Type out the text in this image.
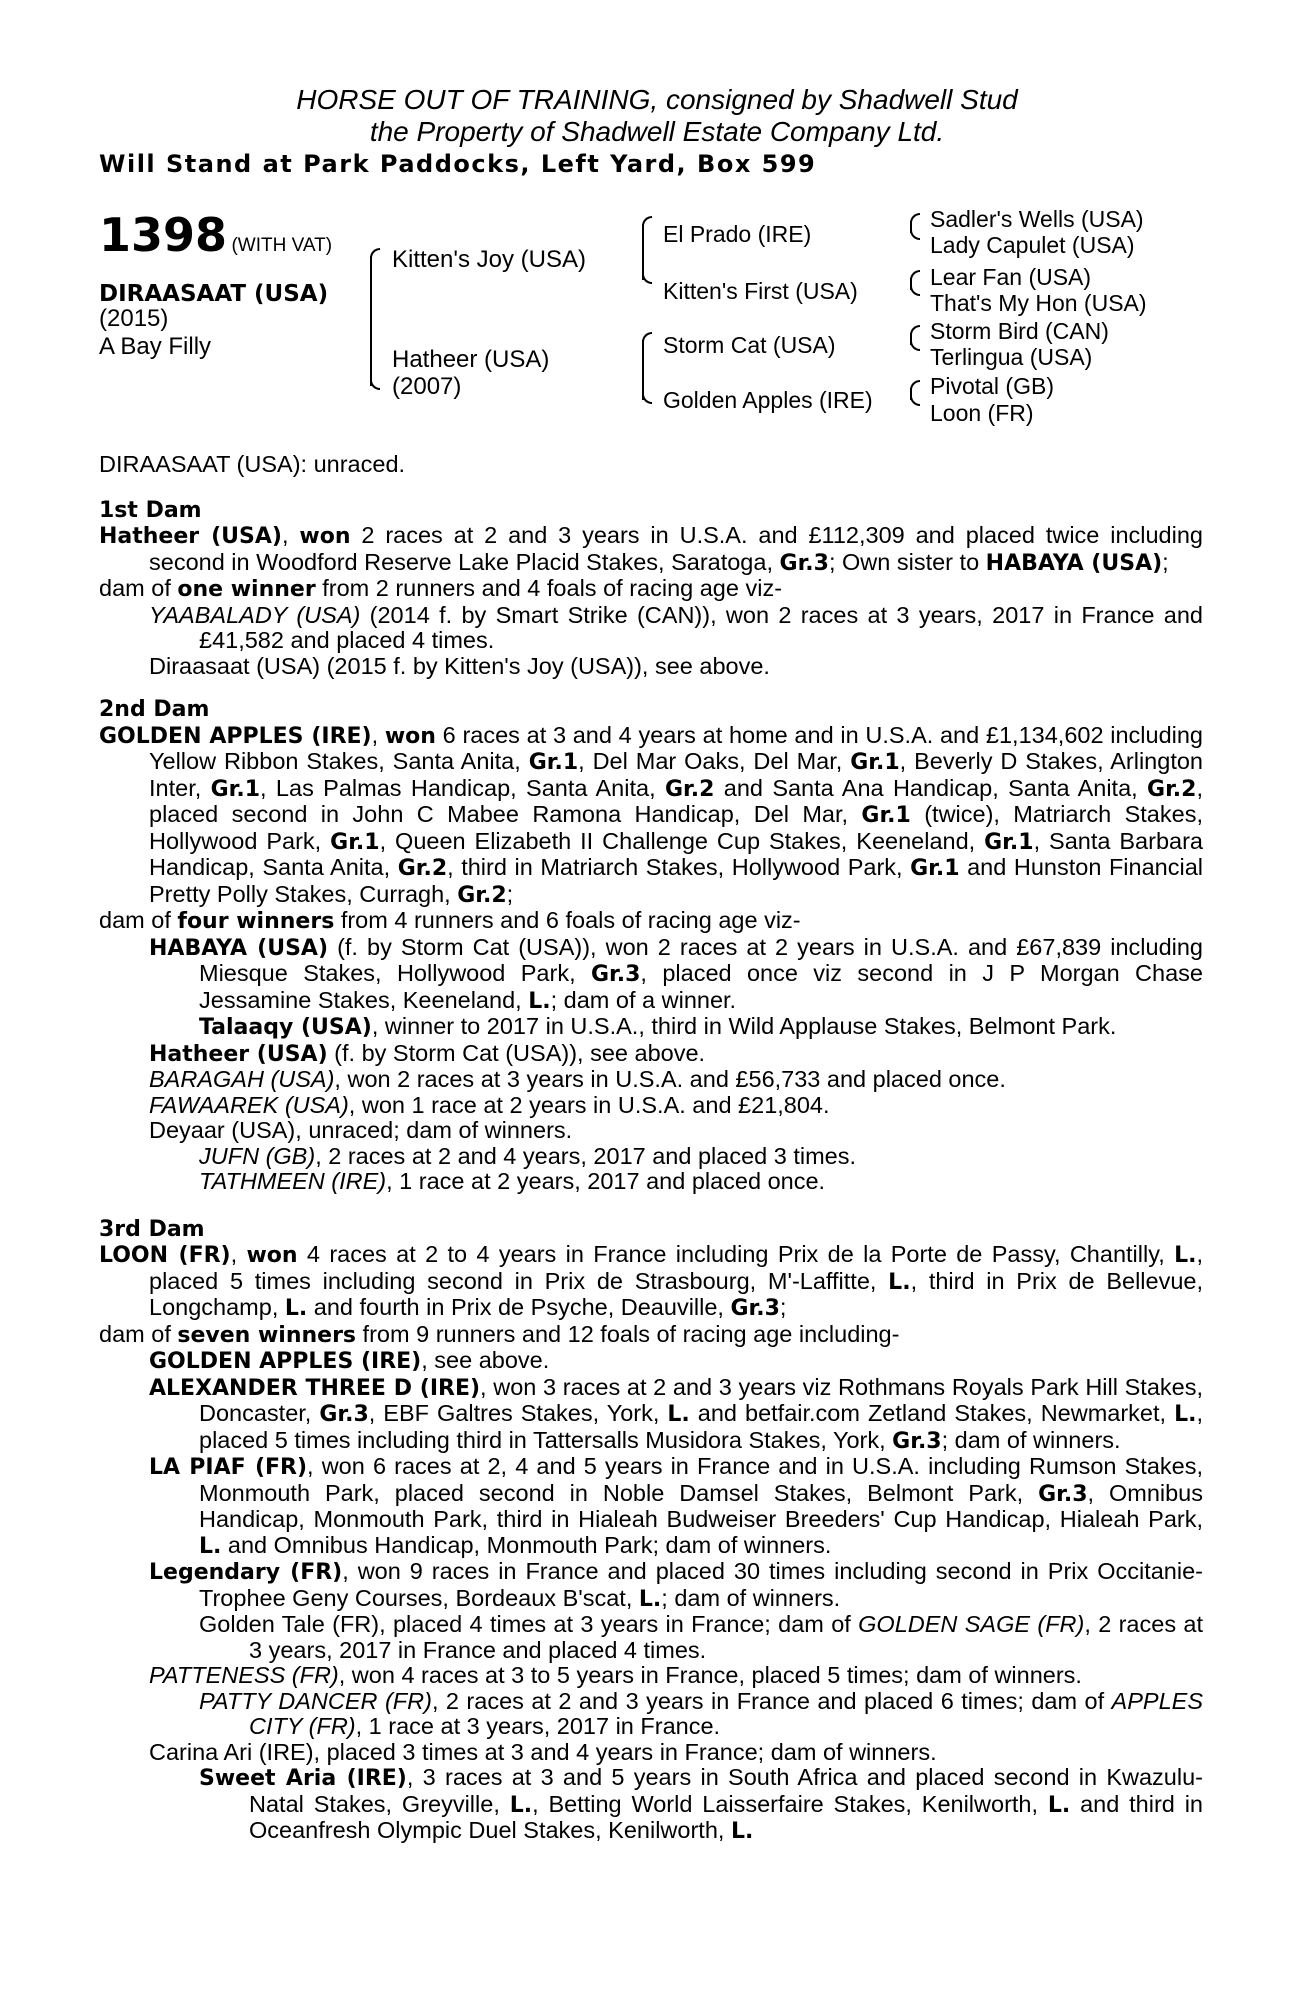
HORSE OUT OF TRAINING, consigned by Shadwell Stud
the Property of Shadwell Estate Company Ltd.
Will Stand at Park Paddocks, Left Yard, Box 599
1398 (WITH VAT)
DIRAASAAT (USA)
(2015)
A Bay Filly
Kitten's Joy (USA)
Hatheer (USA)
(2007)
El Prado (IRE)
Kitten's First (USA)
Storm Cat (USA)
Golden Apples (IRE)
Sadler's Wells (USA)
Lady Capulet (USA)
Lear Fan (USA)
That's My Hon (USA)
Storm Bird (CAN)
Terlingua (USA)
Pivotal (GB)
Loon (FR)
DIRAASAAT (USA): unraced.
1st Dam
Hatheer (USA), won 2 races at 2 and 3 years in U.S.A. and £112,309 and placed twice including second in Woodford Reserve Lake Placid Stakes, Saratoga, Gr.3; Own sister to HABAYA (USA);
dam of one winner from 2 runners and 4 foals of racing age viz-
YAABALADY (USA) (2014 f. by Smart Strike (CAN)), won 2 races at 3 years, 2017 in France and £41,582 and placed 4 times.
Diraasaat (USA) (2015 f. by Kitten's Joy (USA)), see above.
2nd Dam
GOLDEN APPLES (IRE), won 6 races at 3 and 4 years at home and in U.S.A. and £1,134,602 including Yellow Ribbon Stakes, Santa Anita, Gr.1, Del Mar Oaks, Del Mar, Gr.1, Beverly D Stakes, Arlington Inter, Gr.1, Las Palmas Handicap, Santa Anita, Gr.2 and Santa Ana Handicap, Santa Anita, Gr.2, placed second in John C Mabee Ramona Handicap, Del Mar, Gr.1 (twice), Matriarch Stakes, Hollywood Park, Gr.1, Queen Elizabeth II Challenge Cup Stakes, Keeneland, Gr.1, Santa Barbara Handicap, Santa Anita, Gr.2, third in Matriarch Stakes, Hollywood Park, Gr.1 and Hunston Financial Pretty Polly Stakes, Curragh, Gr.2;
dam of four winners from 4 runners and 6 foals of racing age viz-
HABAYA (USA) (f. by Storm Cat (USA)), won 2 races at 2 years in U.S.A. and £67,839 including Miesque Stakes, Hollywood Park, Gr.3, placed once viz second in J P Morgan Chase Jessamine Stakes, Keeneland, L.; dam of a winner.
Talaaqy (USA), winner to 2017 in U.S.A., third in Wild Applause Stakes, Belmont Park.
Hatheer (USA) (f. by Storm Cat (USA)), see above.
BARAGAH (USA), won 2 races at 3 years in U.S.A. and £56,733 and placed once.
FAWAAREK (USA), won 1 race at 2 years in U.S.A. and £21,804.
Deyaar (USA), unraced; dam of winners.
JUFN (GB), 2 races at 2 and 4 years, 2017 and placed 3 times.
TATHMEEN (IRE), 1 race at 2 years, 2017 and placed once.
3rd Dam
LOON (FR), won 4 races at 2 to 4 years in France including Prix de la Porte de Passy, Chantilly, L., placed 5 times including second in Prix de Strasbourg, M'-Laffitte, L., third in Prix de Bellevue, Longchamp, L. and fourth in Prix de Psyche, Deauville, Gr.3;
dam of seven winners from 9 runners and 12 foals of racing age including-
GOLDEN APPLES (IRE), see above.
ALEXANDER THREE D (IRE), won 3 races at 2 and 3 years viz Rothmans Royals Park Hill Stakes, Doncaster, Gr.3, EBF Galtres Stakes, York, L. and betfair.com Zetland Stakes, Newmarket, L., placed 5 times including third in Tattersalls Musidora Stakes, York, Gr.3; dam of winners.
LA PIAF (FR), won 6 races at 2, 4 and 5 years in France and in U.S.A. including Rumson Stakes, Monmouth Park, placed second in Noble Damsel Stakes, Belmont Park, Gr.3, Omnibus Handicap, Monmouth Park, third in Hialeah Budweiser Breeders' Cup Handicap, Hialeah Park, L. and Omnibus Handicap, Monmouth Park; dam of winners.
Legendary (FR), won 9 races in France and placed 30 times including second in Prix Occitanie-Trophee Geny Courses, Bordeaux B'scat, L.; dam of winners.
Golden Tale (FR), placed 4 times at 3 years in France; dam of GOLDEN SAGE (FR), 2 races at 3 years, 2017 in France and placed 4 times.
PATTENESS (FR), won 4 races at 3 to 5 years in France, placed 5 times; dam of winners.
PATTY DANCER (FR), 2 races at 2 and 3 years in France and placed 6 times; dam of APPLES CITY (FR), 1 race at 3 years, 2017 in France.
Carina Ari (IRE), placed 3 times at 3 and 4 years in France; dam of winners.
Sweet Aria (IRE), 3 races at 3 and 5 years in South Africa and placed second in Kwazulu-Natal Stakes, Greyville, L., Betting World Laisserfaire Stakes, Kenilworth, L. and third in Oceanfresh Olympic Duel Stakes, Kenilworth, L.
